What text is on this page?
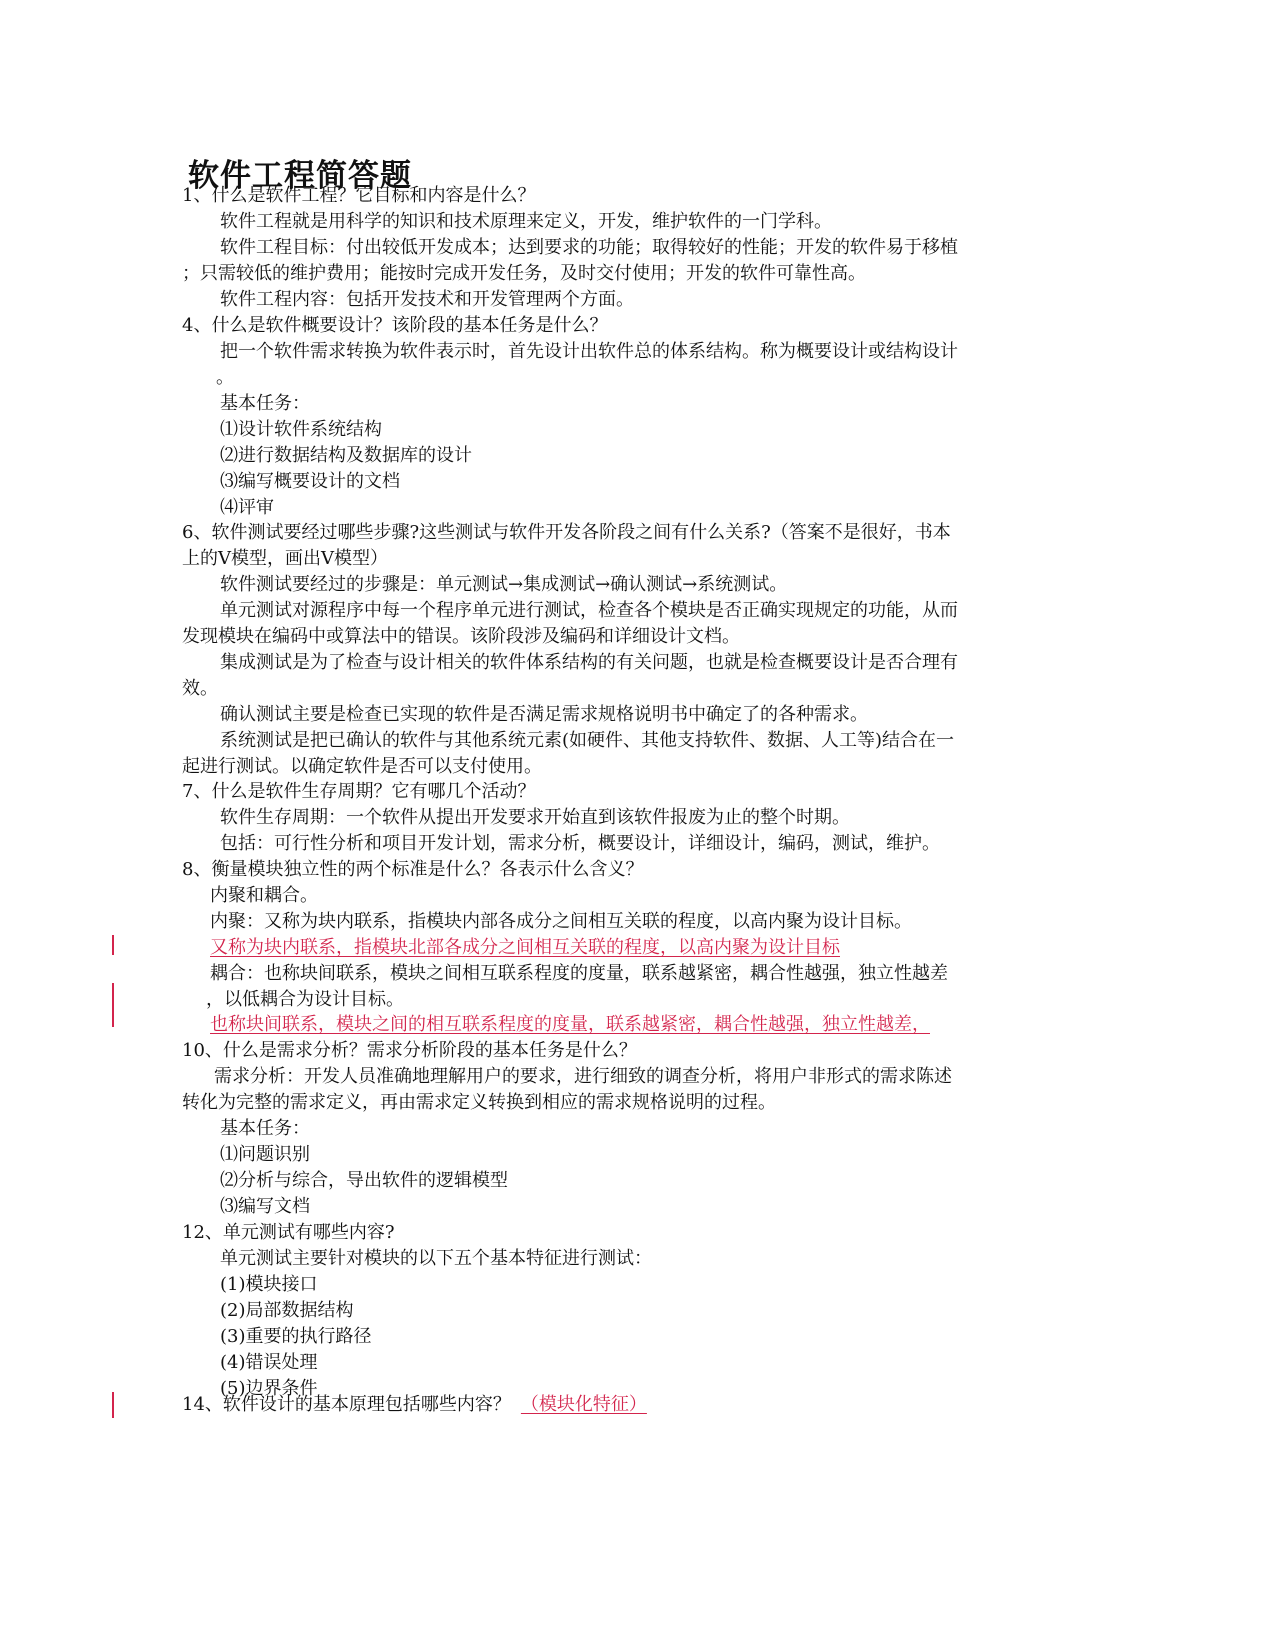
软件工程简答题
1、什么是软件工程？它目标和内容是什么？
软件工程就是用科学的知识和技术原理来定义，开发，维护软件的一门学科。
软件工程目标：付出较低开发成本；达到要求的功能；取得较好的性能；开发的软件易于移植
；只需较低的维护费用；能按时完成开发任务，及时交付使用；开发的软件可靠性高。
软件工程内容：包括开发技术和开发管理两个方面。
4、什么是软件概要设计？该阶段的基本任务是什么？
把一个软件需求转换为软件表示时，首先设计出软件总的体系结构。称为概要设计或结构设计
。
基本任务：
⑴设计软件系统结构
⑵进行数据结构及数据库的设计
⑶编写概要设计的文档
⑷评审
6、软件测试要经过哪些步骤?这些测试与软件开发各阶段之间有什么关系?（答案不是很好，书本
上的V模型，画出V模型）
软件测试要经过的步骤是：单元测试→集成测试→确认测试→系统测试。
单元测试对源程序中每一个程序单元进行测试，检查各个模块是否正确实现规定的功能，从而
发现模块在编码中或算法中的错误。该阶段涉及编码和详细设计文档。
集成测试是为了检查与设计相关的软件体系结构的有关问题，也就是检查概要设计是否合理有
效。
确认测试主要是检查已实现的软件是否满足需求规格说明书中确定了的各种需求。
系统测试是把已确认的软件与其他系统元素(如硬件、其他支持软件、数据、人工等)结合在一
起进行测试。以确定软件是否可以支付使用。
7、什么是软件生存周期？它有哪几个活动？
软件生存周期：一个软件从提出开发要求开始直到该软件报废为止的整个时期。
包括：可行性分析和项目开发计划，需求分析，概要设计，详细设计，编码，测试，维护。
8、衡量模块独立性的两个标准是什么？各表示什么含义？
内聚和耦合。
内聚：又称为块内联系，指模块内部各成分之间相互关联的程度，以高内聚为设计目标。
又称为块内联系，指模块北部各成分之间相互关联的程度，以高内聚为设计目标
耦合：也称块间联系，模块之间相互联系程度的度量，联系越紧密，耦合性越强，独立性越差
，以低耦合为设计目标。
也称块间联系，模块之间的相互联系程度的度量，联系越紧密，耦合性越强，独立性越差，
10、什么是需求分析？需求分析阶段的基本任务是什么？
需求分析：开发人员准确地理解用户的要求，进行细致的调查分析，将用户非形式的需求陈述
转化为完整的需求定义，再由需求定义转换到相应的需求规格说明的过程。
基本任务：
⑴问题识别
⑵分析与综合，导出软件的逻辑模型
⑶编写文档
12、单元测试有哪些内容?
单元测试主要针对模块的以下五个基本特征进行测试：
(1)模块接口
(2)局部数据结构
(3)重要的执行路径
(4)错误处理
(5)边界条件
14、软件设计的基本原理包括哪些内容？ （模块化特征）
